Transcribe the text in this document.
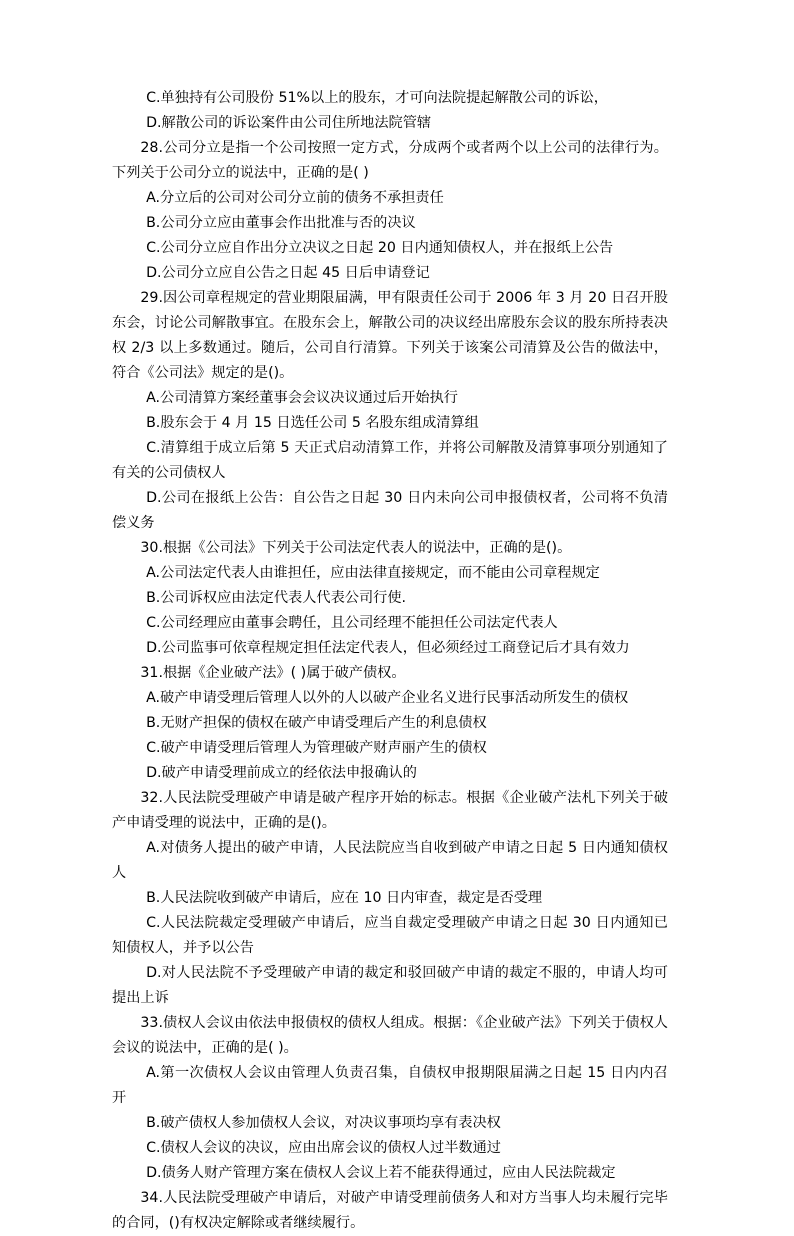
C.单独持有公司股份 51%以上的股东，才可向法院提起解散公司的诉讼，

D.解散公司的诉讼案件由公司住所地法院管辖

28.公司分立是指一个公司按照一定方式，分成两个或者两个以上公司的法律行为。下列关于公司分立的说法中，正确的是( )

A.分立后的公司对公司分立前的债务不承担责任

B.公司分立应由董事会作出批准与否的决议

C.公司分立应自作出分立决议之日起 20 日内通知债权人，并在报纸上公告

D.公司分立应自公告之日起 45 日后申请登记

29.因公司章程规定的营业期限届满，甲有限责任公司于 2006 年 3 月 20 日召开股东会，讨论公司解散事宜。在股东会上，解散公司的决议经出席股东会议的股东所持表决权 2/3 以上多数通过。随后，公司自行清算。下列关于该案公司清算及公告的做法中，符合《公司法》规定的是()。

A.公司清算方案经董事会会议决议通过后开始执行

B.股东会于 4 月 15 日选任公司 5 名股东组成清算组

C.清算组于成立后第 5 天正式启动清算工作，并将公司解散及清算事项分别通知了有关的公司债权人

D.公司在报纸上公告：自公告之日起 30 日内未向公司申报债权者，公司将不负清偿义务

30.根据《公司法》下列关于公司法定代表人的说法中，正确的是()。

A.公司法定代表人由谁担任，应由法律直接规定，而不能由公司章程规定

B.公司诉权应由法定代表人代表公司行使.

C.公司经理应由董事会聘任，且公司经理不能担任公司法定代表人

D.公司监事可依章程规定担任法定代表人，但必须经过工商登记后才具有效力

31.根据《企业破产法》( )属于破产债权。

A.破产申请受理后管理人以外的人以破产企业名义进行民事活动所发生的债权

B.无财产担保的债权在破产申请受理后产生的利息债权

C.破产申请受理后管理人为管理破产财声丽产生的债权

D.破产申请受理前成立的经依法申报确认的

32.人民法院受理破产申请是破产程序开始的标志。根据《企业破产法札下列关于破产申请受理的说法中，正确的是()。

A.对债务人提出的破产申请，人民法院应当自收到破产申请之日起 5 日内通知债权人

B.人民法院收到破产申请后，应在 10 日内审查，裁定是否受理

C.人民法院裁定受理破产申请后，应当自裁定受理破产申请之日起 30 日内通知已知债权人，并予以公告

D.对人民法院不予受理破产申请的裁定和驳回破产申请的裁定不服的，申请人均可提出上诉

33.债权人会议由依法申报债权的债权人组成。根据：《企业破产法》下列关于债权人会议的说法中，正确的是( )。

A.第一次债权人会议由管理人负责召集，自债权申报期限届满之日起 15 日内内召开

B.破产债权人参加债权人会议，对决议事项均享有表决权

C.债权人会议的决议，应由出席会议的债权人过半数通过

D.债务人财产管理方案在债权人会议上若不能获得通过，应由人民法院裁定

34.人民法院受理破产申请后，对破产申请受理前债务人和对方当事人均未履行完毕的合同，()有权决定解除或者继续履行。
